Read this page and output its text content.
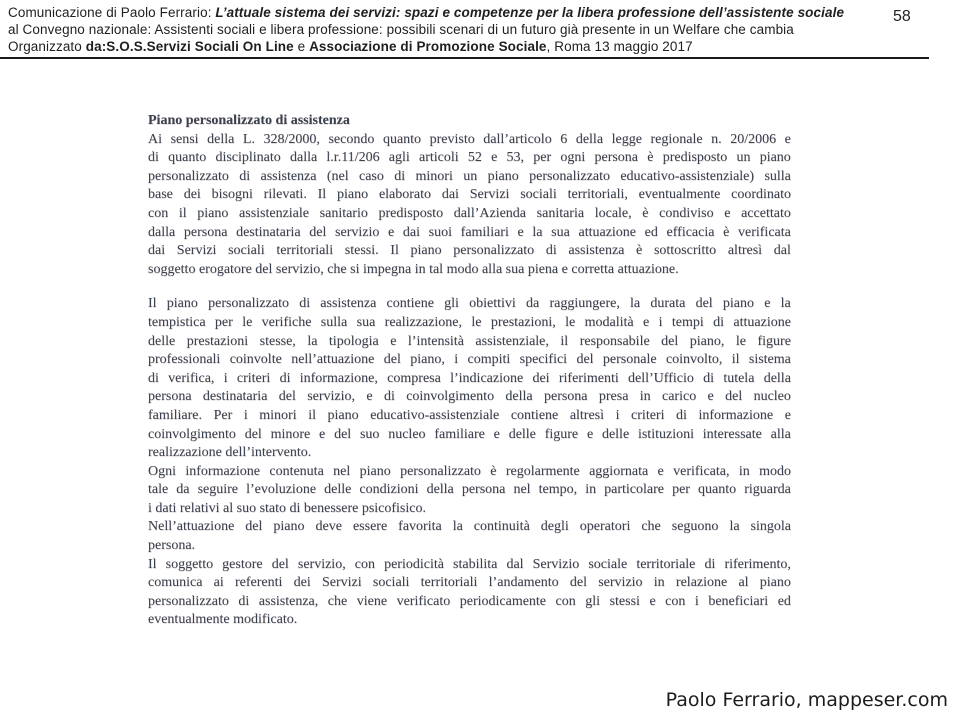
Comunicazione di Paolo Ferrario: L’attuale sistema dei servizi: spazi e competenze per la libera professione dell’assistente sociale
al Convegno nazionale: Assistenti sociali e libera professione: possibili scenari di un futuro già presente in un Welfare che cambia
Organizzato da:S.O.S.Servizi Sociali On Line e Associazione di Promozione Sociale, Roma 13 maggio 2017
58
Piano personalizzato di assistenza
Ai sensi della L. 328/2000, secondo quanto previsto dall’articolo 6 della legge regionale n. 20/2006 e
di quanto disciplinato dalla l.r.11/206 agli articoli 52 e 53, per ogni persona è predisposto un piano
personalizzato di assistenza (nel caso di minori un piano personalizzato educativo-assistenziale) sulla
base dei bisogni rilevati. Il piano elaborato dai Servizi sociali territoriali, eventualmente coordinato
con il piano assistenziale sanitario predisposto dall’Azienda sanitaria locale, è condiviso e accettato
dalla persona destinataria del servizio e dai suoi familiari e la sua attuazione ed efficacia è verificata
dai Servizi sociali territoriali stessi. Il piano personalizzato di assistenza è sottoscritto altresì dal
soggetto erogatore del servizio, che si impegna in tal modo alla sua piena e corretta attuazione.
Il piano personalizzato di assistenza contiene gli obiettivi da raggiungere, la durata del piano e la
tempistica per le verifiche sulla sua realizzazione, le prestazioni, le modalità e i tempi di attuazione
delle prestazioni stesse, la tipologia e l’intensità assistenziale, il responsabile del piano, le figure
professionali coinvolte nell’attuazione del piano, i compiti specifici del personale coinvolto, il sistema
di verifica, i criteri di informazione, compresa l’indicazione dei riferimenti dell’Ufficio di tutela della
persona destinataria del servizio, e di coinvolgimento della persona presa in carico e del nucleo
familiare. Per i minori il piano educativo-assistenziale contiene altresì i criteri di informazione e
coinvolgimento del minore e del suo nucleo familiare e delle figure e delle istituzioni interessate alla
realizzazione dell’intervento.
Ogni informazione contenuta nel piano personalizzato è regolarmente aggiornata e verificata, in modo
tale da seguire l’evoluzione delle condizioni della persona nel tempo, in particolare per quanto riguarda
i dati relativi al suo stato di benessere psicofisico.
Nell’attuazione del piano deve essere favorita la continuità degli operatori che seguono la singola
persona.
Il soggetto gestore del servizio, con periodicità stabilita dal Servizio sociale territoriale di riferimento,
comunica ai referenti dei Servizi sociali territoriali l’andamento del servizio in relazione al piano
personalizzato di assistenza, che viene verificato periodicamente con gli stessi e con i beneficiari ed
eventualmente modificato.
Paolo Ferrario, mappeser.com
